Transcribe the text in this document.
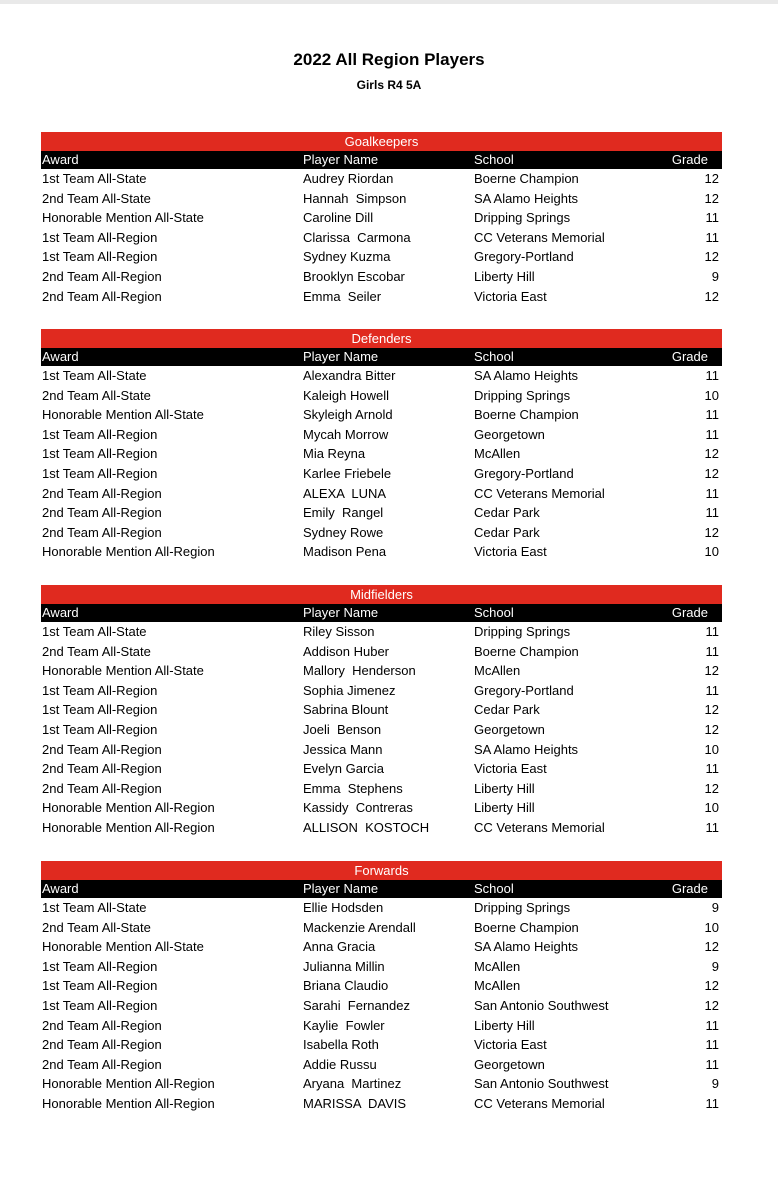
2022 All Region Players
Girls R4 5A
Goalkeepers
Award	Player Name	School	Grade
1st Team All-State	Audrey Riordan	Boerne Champion	12
2nd Team All-State	Hannah  Simpson	SA Alamo Heights	12
Honorable Mention All-State	Caroline Dill	Dripping Springs	11
1st Team All-Region	Clarissa  Carmona	CC Veterans Memorial	11
1st Team All-Region	Sydney Kuzma	Gregory-Portland	12
2nd Team All-Region	Brooklyn Escobar	Liberty Hill	9
2nd Team All-Region	Emma  Seiler	Victoria East	12
Defenders
Award	Player Name	School	Grade
1st Team All-State	Alexandra Bitter	SA Alamo Heights	11
2nd Team All-State	Kaleigh Howell	Dripping Springs	10
Honorable Mention All-State	Skyleigh Arnold	Boerne Champion	11
1st Team All-Region	Mycah Morrow	Georgetown	11
1st Team All-Region	Mia Reyna	McAllen	12
1st Team All-Region	Karlee Friebele	Gregory-Portland	12
2nd Team All-Region	ALEXA  LUNA	CC Veterans Memorial	11
2nd Team All-Region	Emily  Rangel	Cedar Park	11
2nd Team All-Region	Sydney Rowe	Cedar Park	12
Honorable Mention All-Region	Madison Pena	Victoria East	10
Midfielders
Award	Player Name	School	Grade
1st Team All-State	Riley Sisson	Dripping Springs	11
2nd Team All-State	Addison Huber	Boerne Champion	11
Honorable Mention All-State	Mallory  Henderson	McAllen	12
1st Team All-Region	Sophia Jimenez	Gregory-Portland	11
1st Team All-Region	Sabrina Blount	Cedar Park	12
1st Team All-Region	Joeli  Benson	Georgetown	12
2nd Team All-Region	Jessica Mann	SA Alamo Heights	10
2nd Team All-Region	Evelyn Garcia	Victoria East	11
2nd Team All-Region	Emma  Stephens	Liberty Hill	12
Honorable Mention All-Region	Kassidy  Contreras	Liberty Hill	10
Honorable Mention All-Region	ALLISON  KOSTOCH	CC Veterans Memorial	11
Forwards
Award	Player Name	School	Grade
1st Team All-State	Ellie Hodsden	Dripping Springs	9
2nd Team All-State	Mackenzie Arendall	Boerne Champion	10
Honorable Mention All-State	Anna Gracia	SA Alamo Heights	12
1st Team All-Region	Julianna Millin	McAllen	9
1st Team All-Region	Briana Claudio	McAllen	12
1st Team All-Region	Sarahi  Fernandez	San Antonio Southwest	12
2nd Team All-Region	Kaylie  Fowler	Liberty Hill	11
2nd Team All-Region	Isabella Roth	Victoria East	11
2nd Team All-Region	Addie Russu	Georgetown	11
Honorable Mention All-Region	Aryana  Martinez	San Antonio Southwest	9
Honorable Mention All-Region	MARISSA  DAVIS	CC Veterans Memorial	11
